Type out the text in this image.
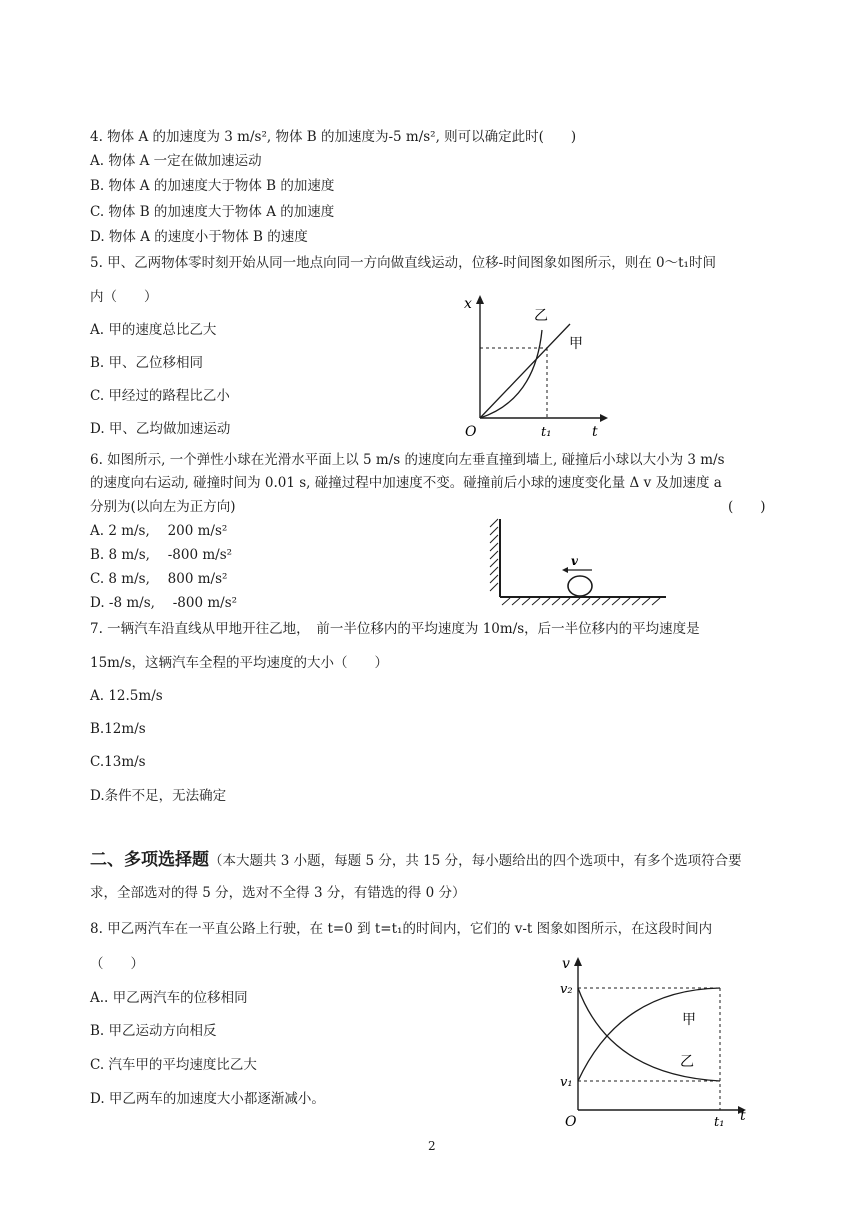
4. 物体 A 的加速度为 3 m/s², 物体 B 的加速度为-5 m/s², 则可以确定此时(　　)
A. 物体 A 一定在做加速运动
B. 物体 A 的加速度大于物体 B 的加速度
C. 物体 B 的加速度大于物体 A 的加速度
D. 物体 A 的速度小于物体 B 的速度
5. 甲、乙两物体零时刻开始从同一地点向同一方向做直线运动，位移-时间图象如图所示，则在 0～t₁时间
内（　　）
A. 甲的速度总比乙大
B. 甲、乙位移相同
C. 甲经过的路程比乙小
D. 甲、乙均做加速运动
x
t
O	t₁
乙
甲
6. 如图所示, 一个弹性小球在光滑水平面上以 5 m/s 的速度向左垂直撞到墙上, 碰撞后小球以大小为 3 m/s
的速度向右运动, 碰撞时间为 0.01 s, 碰撞过程中加速度不变。碰撞前后小球的速度变化量 Δ v 及加速度 a
分别为(以向左为正方向)	(　　)
A. 2 m/s,　 200 m/s²
B. 8 m/s,　 -800 m/s²
C. 8 m/s,　 800 m/s²
D. -8 m/s,　 -800 m/s²
v
7. 一辆汽车沿直线从甲地开往乙地，　前一半位移内的平均速度为 10m/s，后一半位移内的平均速度是
15m/s，这辆汽车全程的平均速度的大小（　　）
A. 12.5m/s
B.12m/s
C.13m/s
D.条件不足，无法确定
二、多项选择题（本大题共 3 小题，每题 5 分，共 15 分，每小题给出的四个选项中，有多个选项符合要
求，全部选对的得 5 分，选对不全得 3 分，有错选的得 0 分）
8. 甲乙两汽车在一平直公路上行驶，在 t=0 到 t=t₁的时间内，它们的 v-t 图象如图所示，在这段时间内
（　　）
A.. 甲乙两汽车的位移相同
B. 甲乙运动方向相反
C. 汽车甲的平均速度比乙大
D. 甲乙两车的加速度大小都逐渐减小。
v
t
O	t₁
v₂
v₁
甲
乙
2
